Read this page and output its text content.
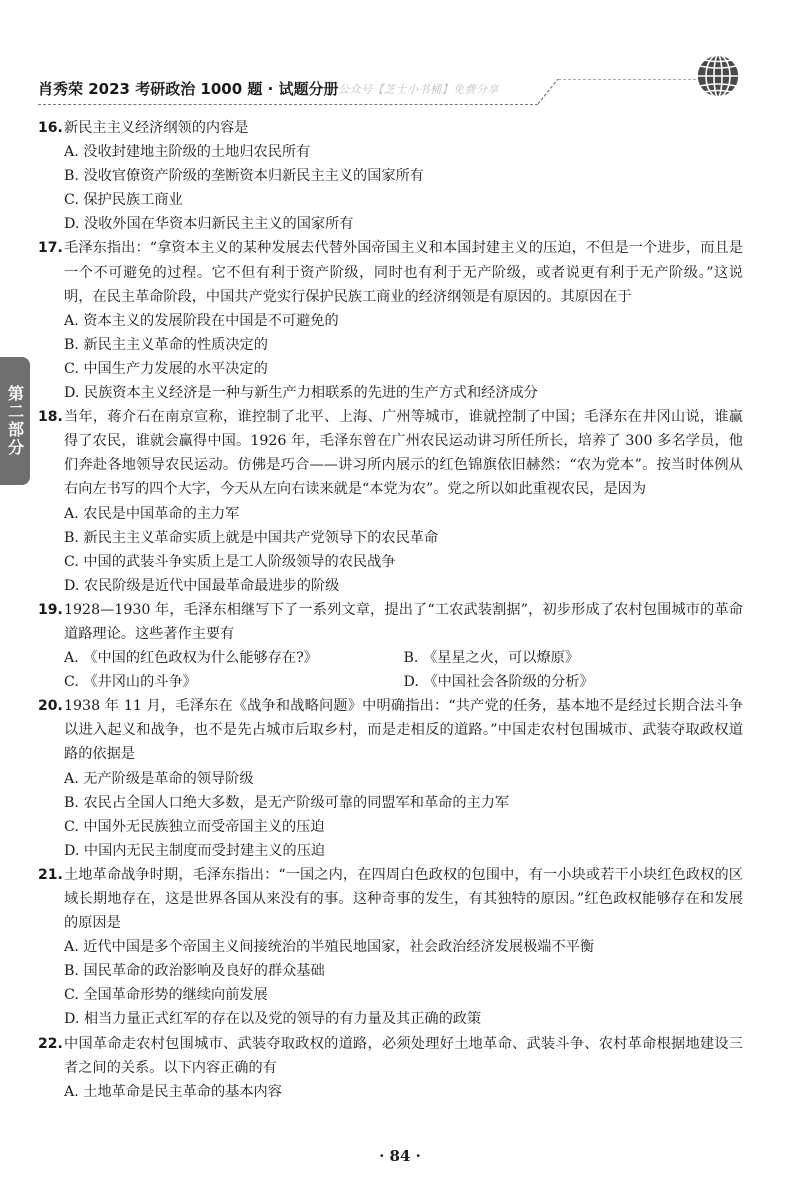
肖秀荣 2023 考研政治 1000 题 · 试题分册 公众号【芝士小书桶】免费分享
第二部分
16. 新民主主义经济纲领的内容是
A. 没收封建地主阶级的土地归农民所有
B. 没收官僚资产阶级的垄断资本归新民主主义的国家所有
C. 保护民族工商业
D. 没收外国在华资本归新民主主义的国家所有
17. 毛泽东指出：“拿资本主义的某种发展去代替外国帝国主义和本国封建主义的压迫，不但是一个进步，而且是一个不可避免的过程。它不但有利于资产阶级，同时也有利于无产阶级，或者说更有利于无产阶级。”这说明，在民主革命阶段，中国共产党实行保护民族工商业的经济纲领是有原因的。其原因在于
A. 资本主义的发展阶段在中国是不可避免的
B. 新民主主义革命的性质决定的
C. 中国生产力发展的水平决定的
D. 民族资本主义经济是一种与新生产力相联系的先进的生产方式和经济成分
18. 当年，蒋介石在南京宣称，谁控制了北平、上海、广州等城市，谁就控制了中国；毛泽东在井冈山说，谁赢得了农民，谁就会赢得中国。1926 年，毛泽东曾在广州农民运动讲习所任所长，培养了 300 多名学员，他们奔赴各地领导农民运动。仿佛是巧合——讲习所内展示的红色锦旗依旧赫然：“农为党本”。按当时体例从右向左书写的四个大字，今天从左向右读来就是“本党为农”。党之所以如此重视农民，是因为
A. 农民是中国革命的主力军
B. 新民主主义革命实质上就是中国共产党领导下的农民革命
C. 中国的武装斗争实质上是工人阶级领导的农民战争
D. 农民阶级是近代中国最革命最进步的阶级
19. 1928—1930 年，毛泽东相继写下了一系列文章，提出了“工农武装割据”，初步形成了农村包围城市的革命道路理论。这些著作主要有
A. 《中国的红色政权为什么能够存在?》	B. 《星星之火，可以燎原》
C. 《井冈山的斗争》	D. 《中国社会各阶级的分析》
20. 1938 年 11 月，毛泽东在《战争和战略问题》中明确指出：“共产党的任务，基本地不是经过长期合法斗争以进入起义和战争，也不是先占城市后取乡村，而是走相反的道路。”中国走农村包围城市、武装夺取政权道路的依据是
A. 无产阶级是革命的领导阶级
B. 农民占全国人口绝大多数，是无产阶级可靠的同盟军和革命的主力军
C. 中国外无民族独立而受帝国主义的压迫
D. 中国内无民主制度而受封建主义的压迫
21. 土地革命战争时期，毛泽东指出：“一国之内，在四周白色政权的包围中，有一小块或若干小块红色政权的区域长期地存在，这是世界各国从来没有的事。这种奇事的发生，有其独特的原因。”红色政权能够存在和发展的原因是
A. 近代中国是多个帝国主义间接统治的半殖民地国家，社会政治经济发展极端不平衡
B. 国民革命的政治影响及良好的群众基础
C. 全国革命形势的继续向前发展
D. 相当力量正式红军的存在以及党的领导的有力量及其正确的政策
22. 中国革命走农村包围城市、武装夺取政权的道路，必须处理好土地革命、武装斗争、农村革命根据地建设三者之间的关系。以下内容正确的有
A. 土地革命是民主革命的基本内容
· 84 ·
